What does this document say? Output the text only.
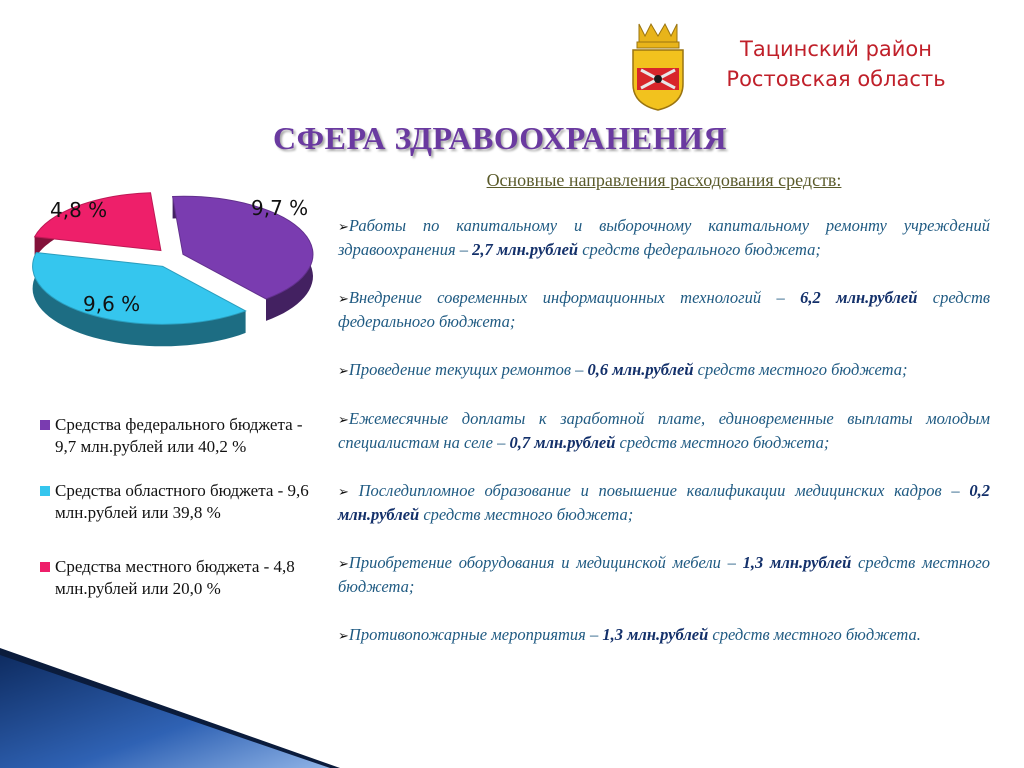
Тацинский район
Ростовская область
СФЕРА ЗДРАВООХРАНЕНИЯ
Основные направления расходования средств:
9,7 %
9,6 %
4,8 %
Средства федерального бюджета - 9,7 млн.рублей или 40,2 %
Средства областного бюджета - 9,6 млн.рублей или 39,8 %
Средства местного бюджета - 4,8 млн.рублей или 20,0 %

➢Работы по капитальному и выборочному капитальному ремонту учреждений здравоохранения – 2,7 млн.рублей средств федерального бюджета;

➢Внедрение современных информационных технологий – 6,2 млн.рублей средств федерального бюджета;

➢Проведение текущих ремонтов – 0,6 млн.рублей средств местного бюджета;

➢Ежемесячные доплаты к заработной плате, единовременные выплаты молодым специалистам на селе – 0,7 млн.рублей средств местного бюджета;

➢ Последипломное образование и повышение квалификации медицинских кадров – 0,2 млн.рублей средств местного бюджета;

➢Приобретение оборудования и медицинской мебели – 1,3 млн.рублей средств местного бюджета;

➢Противопожарные мероприятия – 1,3 млн.рублей средств местного бюджета.
